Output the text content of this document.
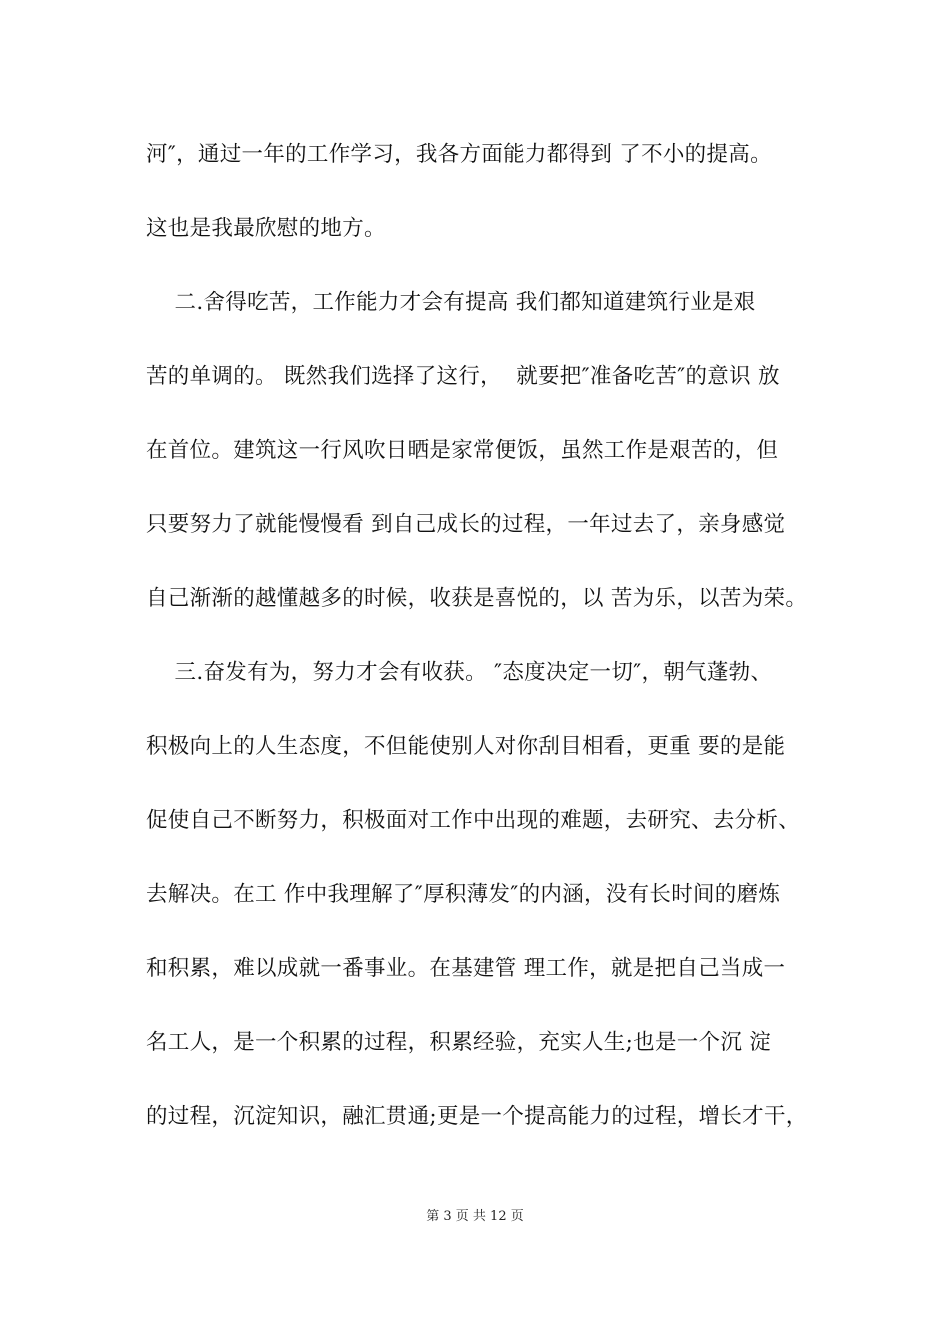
河″，通过一年的工作学习，我各方面能力都得到 了不小的提高。
这也是我最欣慰的地方。
二.舍得吃苦，工作能力才会有提高 我们都知道建筑行业是艰
苦的单调的。 既然我们选择了这行，  就要把″准备吃苦″的意识 放
在首位。建筑这一行风吹日晒是家常便饭，虽然工作是艰苦的，但
只要努力了就能慢慢看 到自己成长的过程，一年过去了，亲身感觉
自己渐渐的越懂越多的时候，收获是喜悦的，以 苦为乐，以苦为荣。
三.奋发有为，努力才会有收获。 ″态度决定一切″，朝气蓬勃、
积极向上的人生态度，不但能使别人对你刮目相看，更重 要的是能
促使自己不断努力，积极面对工作中出现的难题，去研究、去分析、
去解决。在工 作中我理解了″厚积薄发″的内涵，没有长时间的磨炼
和积累，难以成就一番事业。在基建管 理工作，就是把自己当成一
名工人，是一个积累的过程，积累经验，充实人生;也是一个沉 淀
的过程，沉淀知识，融汇贯通;更是一个提高能力的过程，增长才干，
第 3 页 共 12 页
